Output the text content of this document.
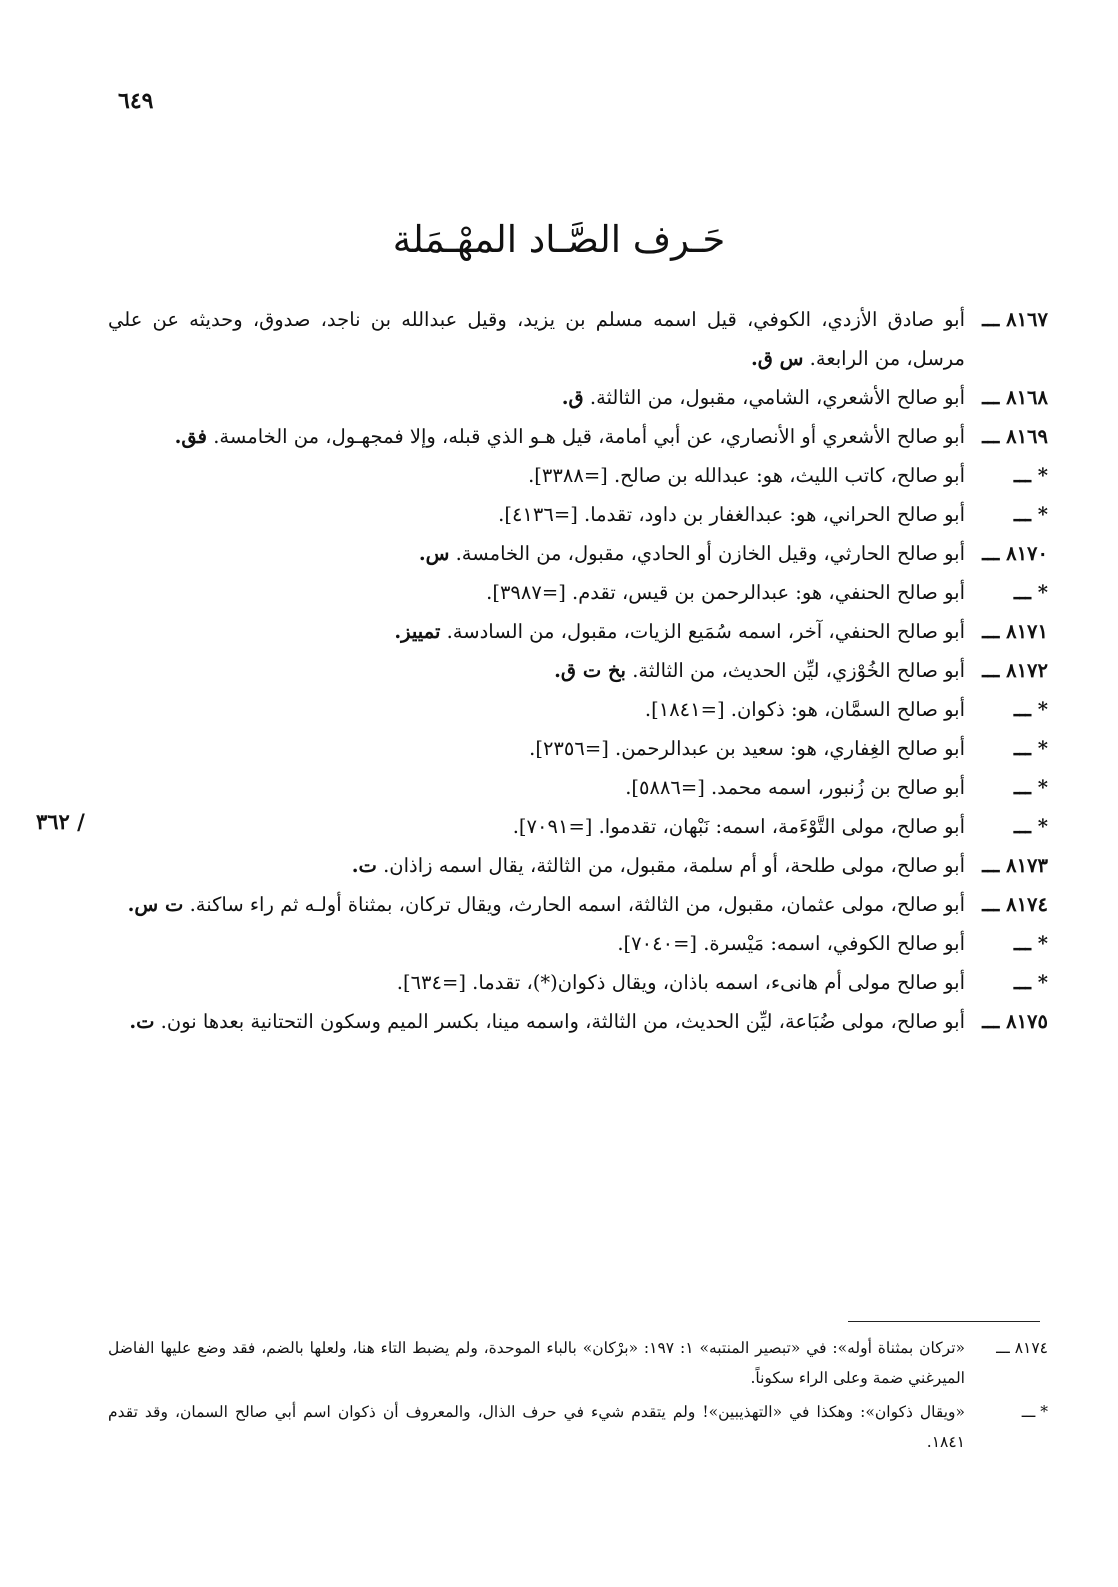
٦٤٩
/ ٣٦٢
حَـرف الصَّـاد المهْـمَلة
٨١٦٧ ـــ
أبو صادق الأزدي، الكوفي، قيل اسمه مسلم بن يزيد، وقيل عبدالله بن ناجد، صدوق، وحديثه عن علي مرسل، من الرابعة. س ق.
٨١٦٨ ـــ
أبو صالح الأشعري، الشامي، مقبول، من الثالثة. ق.
٨١٦٩ ـــ
أبو صالح الأشعري أو الأنصاري، عن أبي أمامة، قيل هـو الذي قبله، وإلا فمجهـول، من الخامسة. فق.
* ـــ
أبو صالح، كاتب الليث، هو: عبدالله بن صالح. [=٣٣٨٨].
* ـــ
أبو صالح الحراني، هو: عبدالغفار بن داود، تقدما. [=٤١٣٦].
٨١٧٠ ـــ
أبو صالح الحارثي، وقيل الخازن أو الحادي، مقبول، من الخامسة. س.
* ـــ
أبو صالح الحنفي، هو: عبدالرحمن بن قيس، تقدم. [=٣٩٨٧].
٨١٧١ ـــ
أبو صالح الحنفي، آخر، اسمه سُمَيع الزيات، مقبول، من السادسة. تمييز.
٨١٧٢ ـــ
أبو صالح الخُوْزي، ليِّن الحديث، من الثالثة. بخ ت ق.
* ـــ
أبو صالح السمَّان، هو: ذكوان. [=١٨٤١].
* ـــ
أبو صالح الغِفاري، هو: سعيد بن عبدالرحمن. [=٢٣٥٦].
* ـــ
أبو صالح بن زُنبور، اسمه محمد. [=٥٨٨٦].
* ـــ
أبو صالح، مولى التَّوْءَمة، اسمه: نَبْهان، تقدموا. [=٧٠٩١].
٨١٧٣ ـــ
أبو صالح، مولى طلحة، أو أم سلمة، مقبول، من الثالثة، يقال اسمه زاذان. ت.
٨١٧٤ ـــ
أبو صالح، مولى عثمان، مقبول، من الثالثة، اسمه الحارث، ويقال تركان، بمثناة أولـه ثم راء ساكنة. ت س.
* ـــ
أبو صالح الكوفي، اسمه: مَيْسرة. [=٧٠٤٠].
* ـــ
أبو صالح مولى أم هانىء، اسمه باذان، ويقال ذكوان(*)، تقدما. [=٦٣٤].
٨١٧٥ ـــ
أبو صالح، مولى ضُبَاعة، ليِّن الحديث، من الثالثة، واسمه مينا، بكسر الميم وسكون التحتانية بعدها نون. ت.
٨١٧٤ ـــ
«تركان بمثناة أوله»: في «تبصير المنتبه» ١: ١٩٧: «برْكان» بالباء الموحدة، ولم يضبط التاء هنا، ولعلها بالضم، فقد وضع عليها الفاضل الميرغني ضمة وعلى الراء سكوناً.
* ـــ
«ويقال ذكوان»: وهكذا في «التهذيبين»! ولم يتقدم شيء في حرف الذال، والمعروف أن ذكوان اسم أبي صالح السمان، وقد تقدم ١٨٤١.
